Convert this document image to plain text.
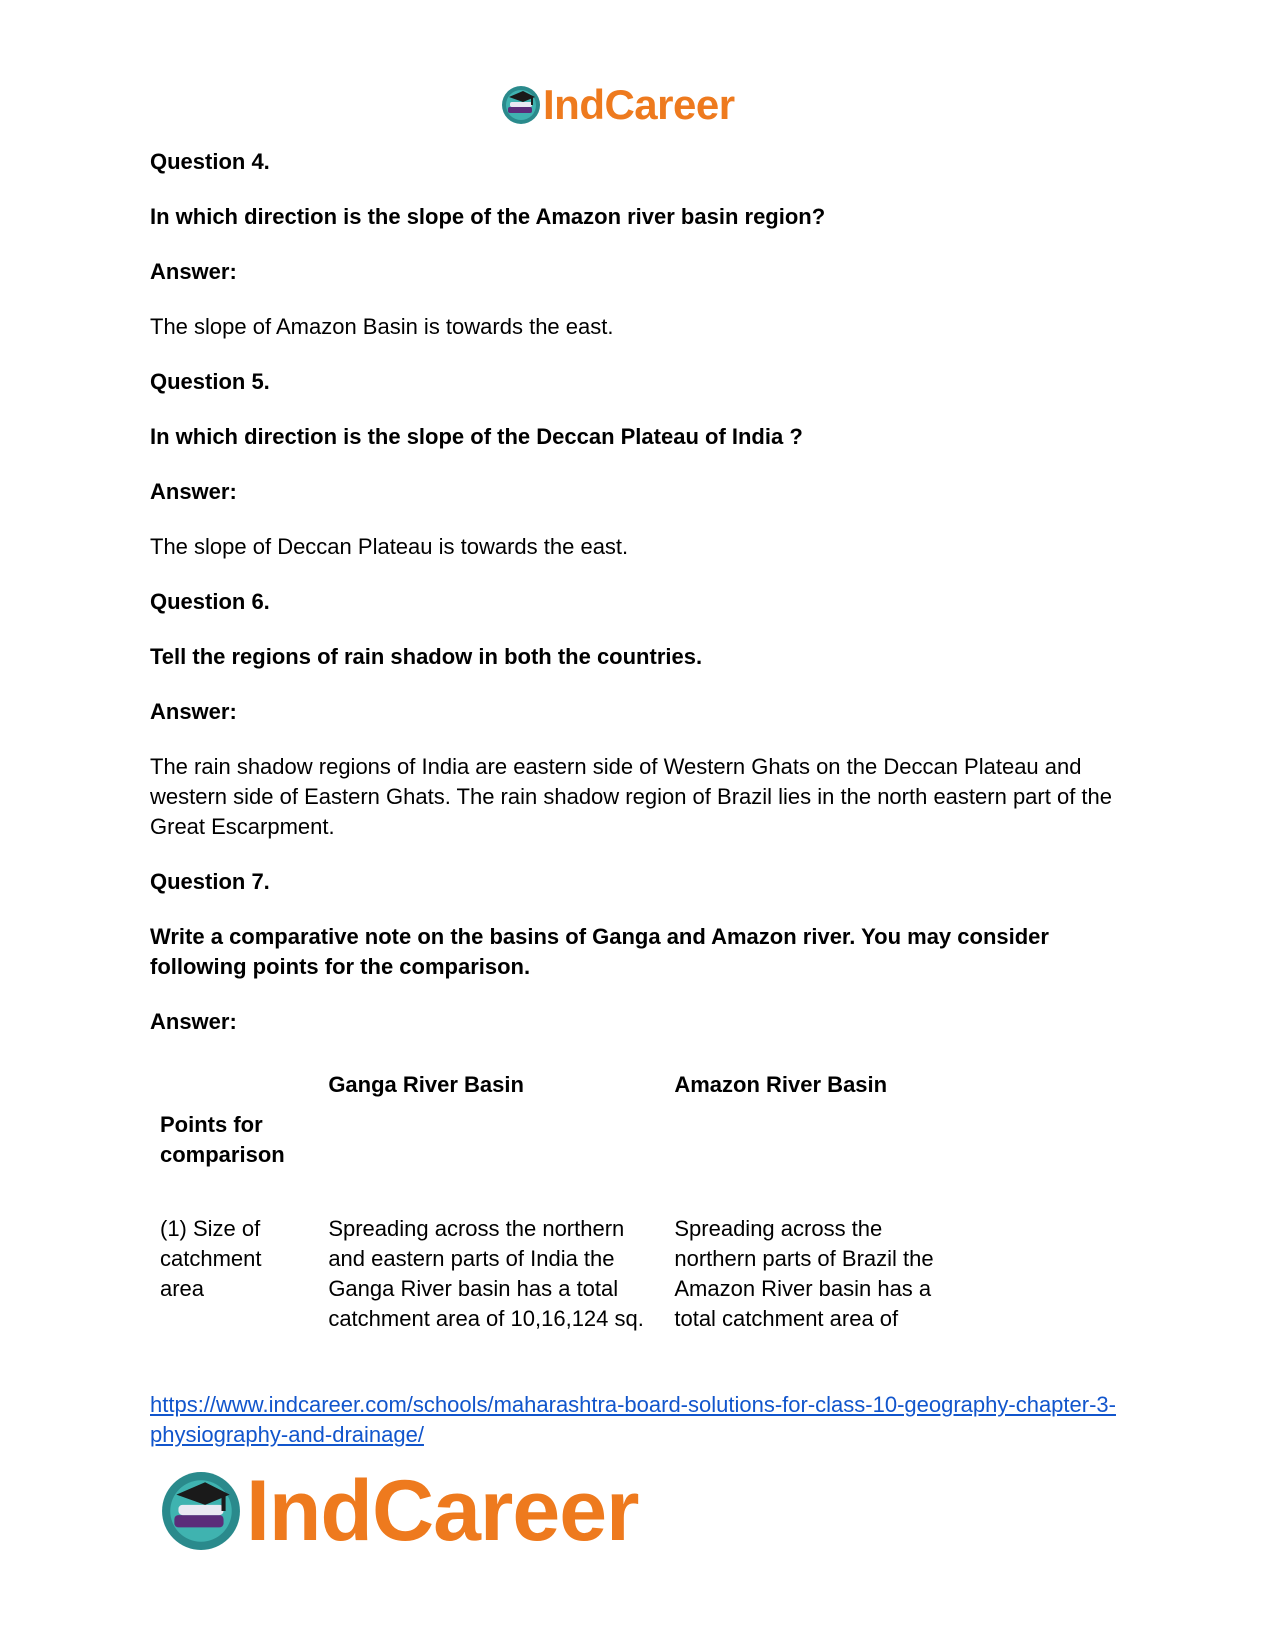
IndCareer

Question 4.

In which direction is the slope of the Amazon river basin region?

Answer:

The slope of Amazon Basin is towards the east.

Question 5.

In which direction is the slope of the Deccan Plateau of India ?

Answer:

The slope of Deccan Plateau is towards the east.

Question 6.

Tell the regions of rain shadow in both the countries.

Answer:

The rain shadow regions of India are eastern side of Western Ghats on the Deccan Plateau and western side of Eastern Ghats. The rain shadow region of Brazil lies in the north eastern part of the Great Escarpment.

Question 7.

Write a comparative note on the basins of Ganga and Amazon river. You may consider following points for the comparison.

Answer:

Points for comparison	Ganga River Basin	Amazon River Basin
(1) Size of catchment area	Spreading across the northern and eastern parts of India the Ganga River basin has a total catchment area of 10,16,124 sq.	Spreading across the northern parts of Brazil the Amazon River basin has a total catchment area of
https://www.indcareer.com/schools/maharashtra-board-solutions-for-class-10-geography-chapter-3-physiography-and-drainage/
IndCareer
